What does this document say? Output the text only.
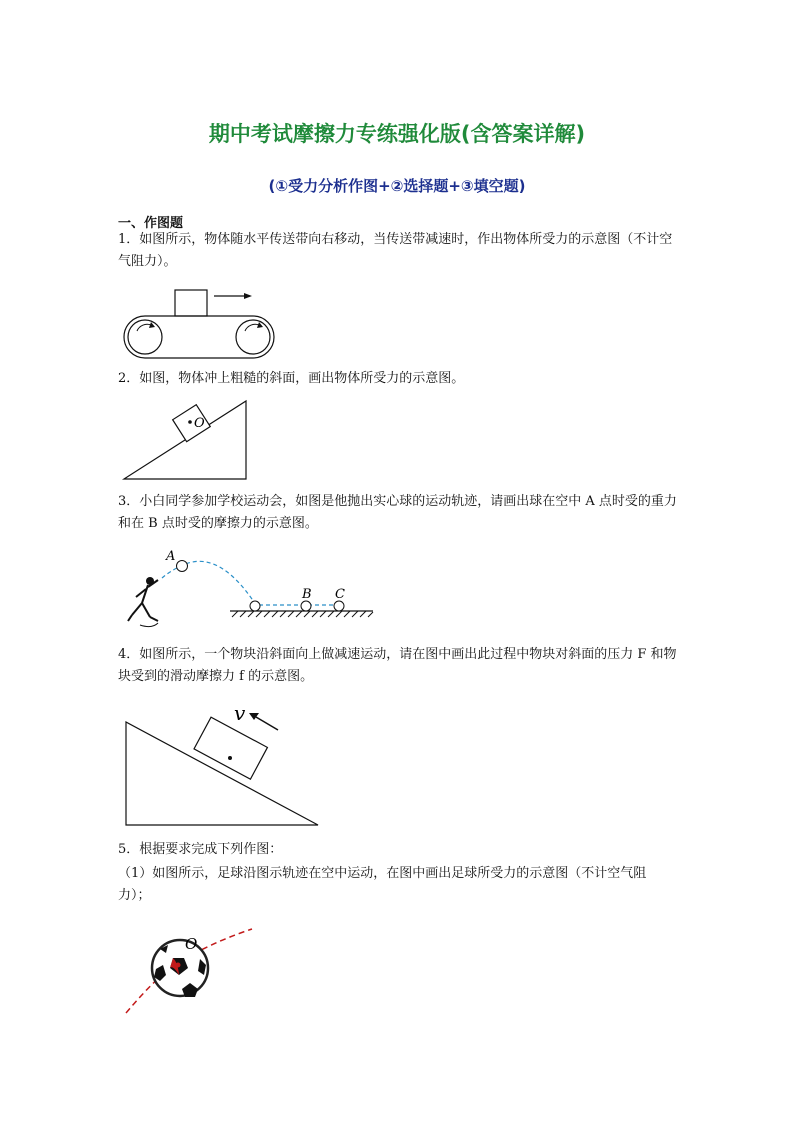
期中考试摩擦力专练强化版(含答案详解)
(①受力分析作图+②选择题+③填空题)
一、作图题

1．如图所示，物体随水平传送带向右移动，当传送带减速时，作出物体所受力的示意图（不计空气阻力）。

2．如图，物体冲上粗糙的斜面，画出物体所受力的示意图。

O

3．小白同学参加学校运动会，如图是他抛出实心球的运动轨迹，请画出球在空中 A 点时受的重力和在 B 点时受的摩擦力的示意图。

A
B C

4．如图所示，一个物块沿斜面向上做减速运动，请在图中画出此过程中物块对斜面的压力 F 和物块受到的滑动摩擦力 f 的示意图。

v

5．根据要求完成下列作图：

（1）如图所示，足球沿图示轨迹在空中运动，在图中画出足球所受力的示意图（不计空气阻力）；

O
